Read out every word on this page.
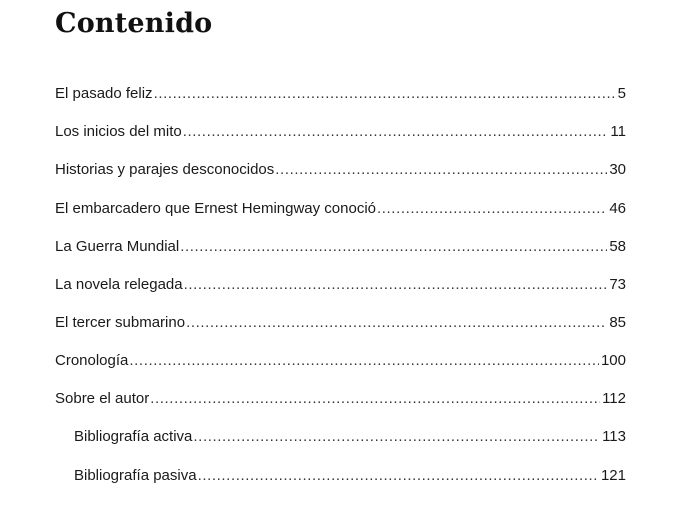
Contenido
El pasado feliz .....	5
Los inicios del mito .....	11
Historias y parajes desconocidos .....	30
El embarcadero que Ernest Hemingway conoció .....	46
La Guerra Mundial .....	58
La novela relegada .....	73
El tercer submarino .....	85
Cronología .....	100
Sobre el autor .....	112
Bibliografía activa .....	113
Bibliografía pasiva .....	121
